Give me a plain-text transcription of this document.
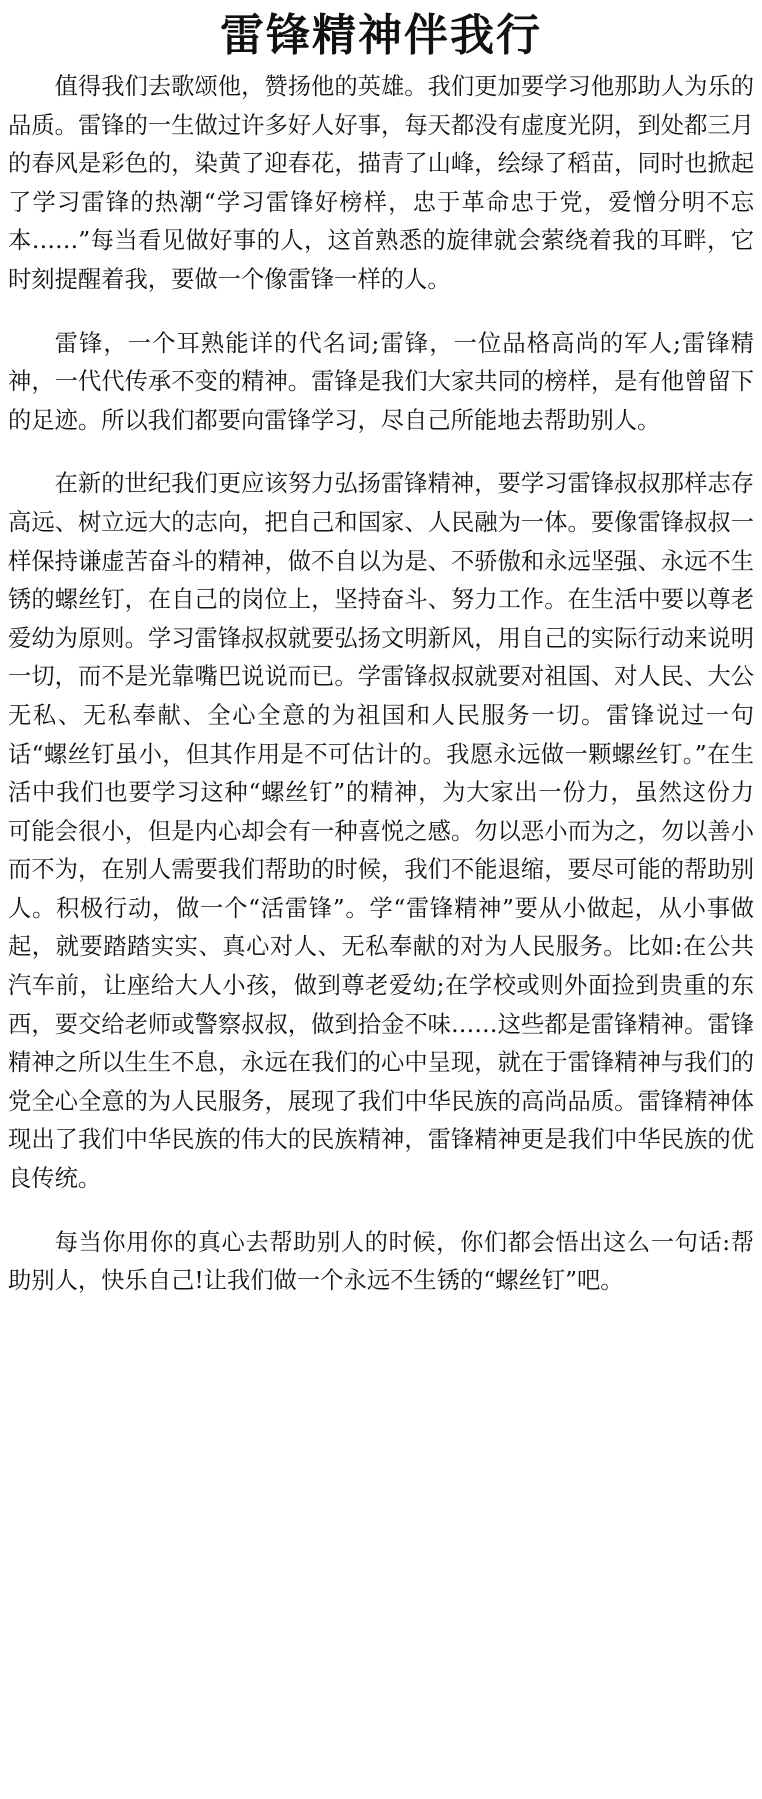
雷锋精神伴我行

值得我们去歌颂他，赞扬他的英雄。我们更加要学习他那助人为乐的品质。雷锋的一生做过许多好人好事，每天都没有虚度光阴，到处都三月的春风是彩色的，染黄了迎春花，描青了山峰，绘绿了稻苗，同时也掀起了学习雷锋的热潮“学习雷锋好榜样，忠于革命忠于党，爱憎分明不忘本……”每当看见做好事的人，这首熟悉的旋律就会萦绕着我的耳畔，它时刻提醒着我，要做一个像雷锋一样的人。

雷锋，一个耳熟能详的代名词;雷锋，一位品格高尚的军人;雷锋精神，一代代传承不变的精神。雷锋是我们大家共同的榜样，是有他曾留下的足迹。所以我们都要向雷锋学习，尽自己所能地去帮助别人。

在新的世纪我们更应该努力弘扬雷锋精神，要学习雷锋叔叔那样志存高远、树立远大的志向，把自己和国家、人民融为一体。要像雷锋叔叔一样保持谦虚苦奋斗的精神，做不自以为是、不骄傲和永远坚强、永远不生锈的螺丝钉，在自己的岗位上，坚持奋斗、努力工作。在生活中要以尊老爱幼为原则。学习雷锋叔叔就要弘扬文明新风，用自己的实际行动来说明一切，而不是光靠嘴巴说说而已。学雷锋叔叔就要对祖国、对人民、大公无私、无私奉献、全心全意的为祖国和人民服务一切。雷锋说过一句话“螺丝钉虽小，但其作用是不可估计的。我愿永远做一颗螺丝钉。”在生活中我们也要学习这种“螺丝钉”的精神，为大家出一份力，虽然这份力可能会很小，但是内心却会有一种喜悦之感。勿以恶小而为之，勿以善小而不为，在别人需要我们帮助的时候，我们不能退缩，要尽可能的帮助别人。积极行动，做一个“活雷锋”。学“雷锋精神”要从小做起，从小事做起，就要踏踏实实、真心对人、无私奉献的对为人民服务。比如:在公共汽车前，让座给大人小孩，做到尊老爱幼;在学校或则外面捡到贵重的东西，要交给老师或警察叔叔，做到拾金不味……这些都是雷锋精神。雷锋精神之所以生生不息，永远在我们的心中呈现，就在于雷锋精神与我们的党全心全意的为人民服务，展现了我们中华民族的高尚品质。雷锋精神体现出了我们中华民族的伟大的民族精神，雷锋精神更是我们中华民族的优良传统。

每当你用你的真心去帮助别人的时候，你们都会悟出这么一句话:帮助别人，快乐自己!让我们做一个永远不生锈的“螺丝钉”吧。
